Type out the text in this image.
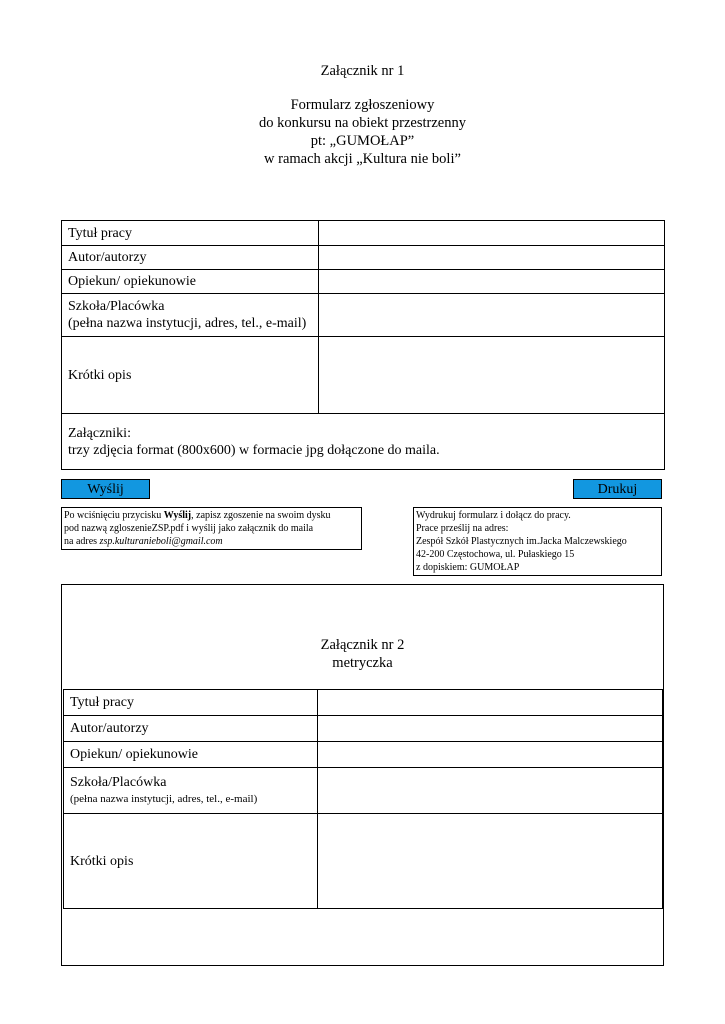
Załącznik nr 1
Formularz zgłoszeniowy
do konkursu na obiekt przestrzenny
pt: „GUMOŁAP”
w ramach akcji „Kultura nie boli”
Tytuł pracy	

Autor/autorzy	

Opiekun/ opiekunowie	

Szkoła/Placówka
(pełna nazwa instytucji, adres, tel., e-mail)

Krótki opis	

Załączniki:
trzy zdjęcia format (800x600) w formacie jpg dołączone do maila.	
Wyślij	Drukuj
Po wciśnięciu przycisku Wyślij, zapisz zgoszenie na swoim dysku
pod nazwą zgloszenieZSP.pdf i wyślij jako załącznik do maila
na adres zsp.kulturanieboli@gmail.com
Wydrukuj formularz i dołącz do pracy.
Prace prześlij na adres:
Zespół Szkół Plastycznych im.Jacka Malczewskiego
42-200 Częstochowa, ul. Pułaskiego 15
z dopiskiem: GUMOŁAP
Załącznik nr 2
metryczka
Tytuł pracy	

Autor/autorzy	

Opiekun/ opiekunowie	

Szkoła/Placówka
(pełna nazwa instytucji, adres, tel., e-mail)

Krótki opis	
